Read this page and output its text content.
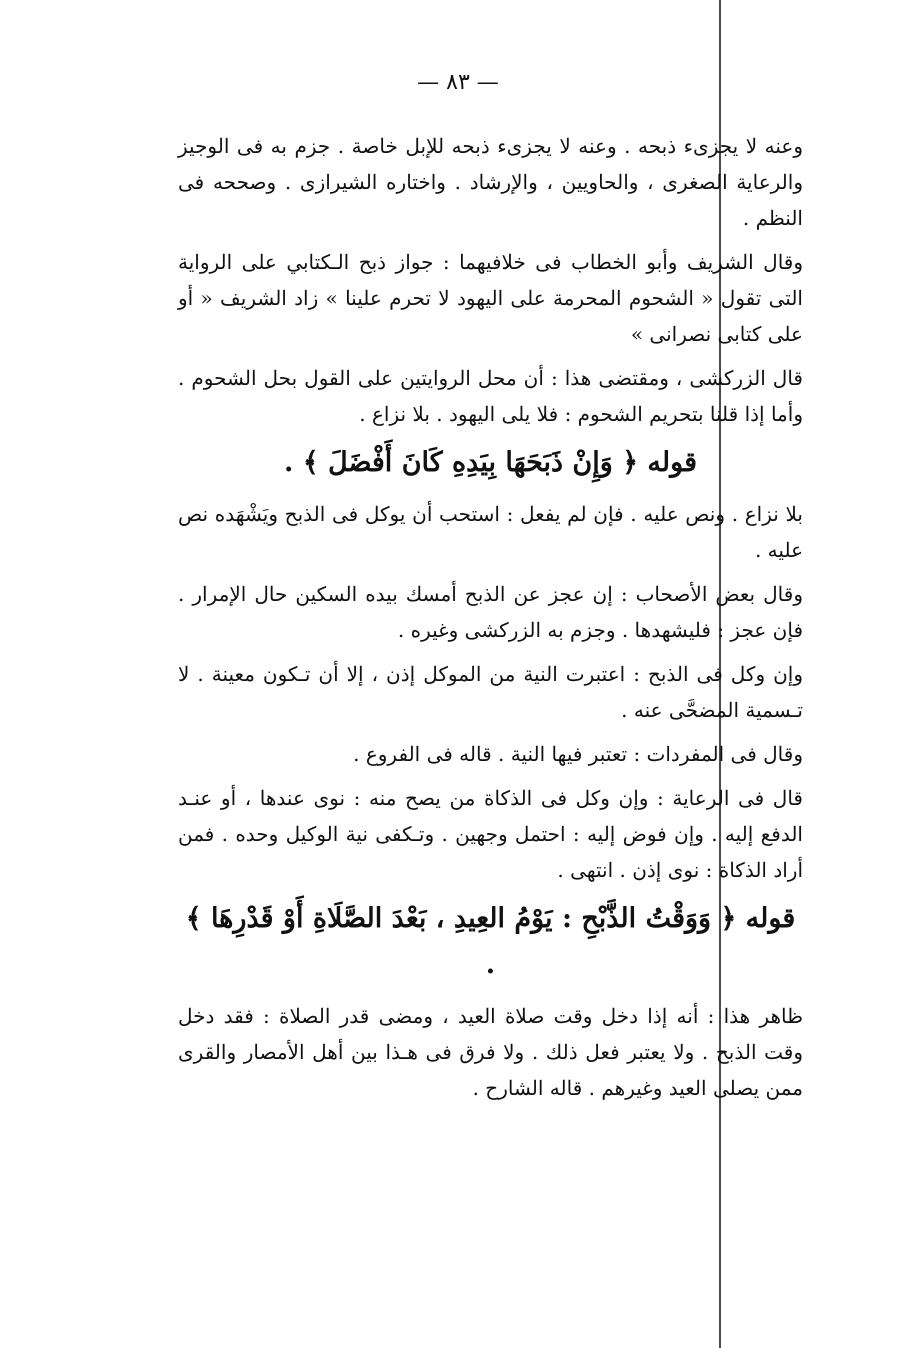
— ٨٣ —

وعنه لا يجزىء ذبحه . وعنه لا يجزىء ذبحه للإبل خاصة . جزم به فى الوجيز والرعاية الصغرى ، والحاويين ، والإرشاد . واختاره الشيرازى . وصححه فى النظم .

وقال الشريف وأبو الخطاب فى خلافيهما : جواز ذبح الـكتابي على الرواية التى تقول « الشحوم المحرمة على اليهود لا تحرم علينا » زاد الشريف « أو على كتابى نصرانى »

قال الزركشى ، ومقتضى هذا : أن محل الروايتين على القول بحل الشحوم . وأما إذا قلنا بتحريم الشحوم : فلا يلى اليهود . بلا نزاع .

قوله ﴿ وَإِنْ ذَبَحَهَا بِيَدِهِ كَانَ أَفْضَلَ ﴾ .

بلا نزاع . ونص عليه . فإن لم يفعل : استحب أن يوكل فى الذبح ويَشْهَده نص عليه .

وقال بعض الأصحاب : إن عجز عن الذبح أمسك بيده السكين حال الإمرار . فإن عجز : فليشهدها . وجزم به الزركشى وغيره .

وإن وكل فى الذبح : اعتبرت النية من الموكل إذن ، إلا أن تـكون معينة . لا تـسمية المضحَّى عنه .

وقال فى المفردات : تعتبر فيها النية . قاله فى الفروع .

قال فى الرعاية : وإن وكل فى الذكاة من يصح منه : نوى عندها ، أو عنـد الدفع إليه . وإن فوض إليه : احتمل وجهين . وتـكفى نية الوكيل وحده . فمن أراد الذكاة : نوى إذن . انتهى .

قوله ﴿ وَوَقْتُ الذَّبْحِ : يَوْمُ العِيدِ ، بَعْدَ الصَّلَاةِ أَوْ قَدْرِهَا ﴾ .

ظاهر هذا : أنه إذا دخل وقت صلاة العيد ، ومضى قدر الصلاة : فقد دخل وقت الذبح . ولا يعتبر فعل ذلك . ولا فرق فى هـذا بين أهل الأمصار والقرى ممن يصلى العيد وغيرهم . قاله الشارح .
